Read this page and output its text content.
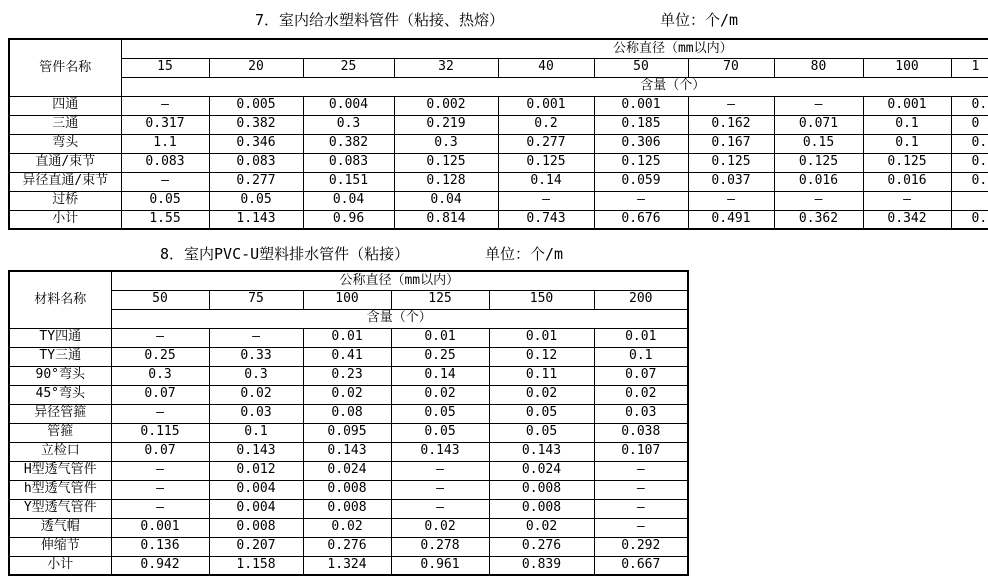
7．室内给水塑料管件（粘接、热熔）	单位：个/m
管件名称	公称直径（mm以内）											
	15	20	25	32	40	50	70	80	100	1		
	含量（个）											
四通	–	0.005	0.004	0.002	0.001	0.001	–	–	0.001	0.		
三通	0.317	0.382	0.3	0.219	0.2	0.185	0.162	0.071	0.1	0		
弯头	1.1	0.346	0.382	0.3	0.277	0.306	0.167	0.15	0.1	0.		
直通/束节	0.083	0.083	0.083	0.125	0.125	0.125	0.125	0.125	0.125	0.		
异径直通/束节	–	0.277	0.151	0.128	0.14	0.059	0.037	0.016	0.016	0.		
过桥	0.05	0.05	0.04	0.04	–	–	–	–	–			
小计	1.55	1.143	0.96	0.814	0.743	0.676	0.491	0.362	0.342	0.		
8．室内PVC-U塑料排水管件（粘接）	单位：个/m
材料名称	公称直径（mm以内）					
	50	75	100	125	150	200
	含量（个）					
TY四通	–	–	0.01	0.01	0.01	0.01
TY三通	0.25	0.33	0.41	0.25	0.12	0.1
90°弯头	0.3	0.3	0.23	0.14	0.11	0.07
45°弯头	0.07	0.02	0.02	0.02	0.02	0.02
异径管箍	–	0.03	0.08	0.05	0.05	0.03
管箍	0.115	0.1	0.095	0.05	0.05	0.038
立检口	0.07	0.143	0.143	0.143	0.143	0.107
H型透气管件	–	0.012	0.024	–	0.024	–
h型透气管件	–	0.004	0.008	–	0.008	–
Y型透气管件	–	0.004	0.008	–	0.008	–
透气帽	0.001	0.008	0.02	0.02	0.02	–
伸缩节	0.136	0.207	0.276	0.278	0.276	0.292
小计	0.942	1.158	1.324	0.961	0.839	0.667
